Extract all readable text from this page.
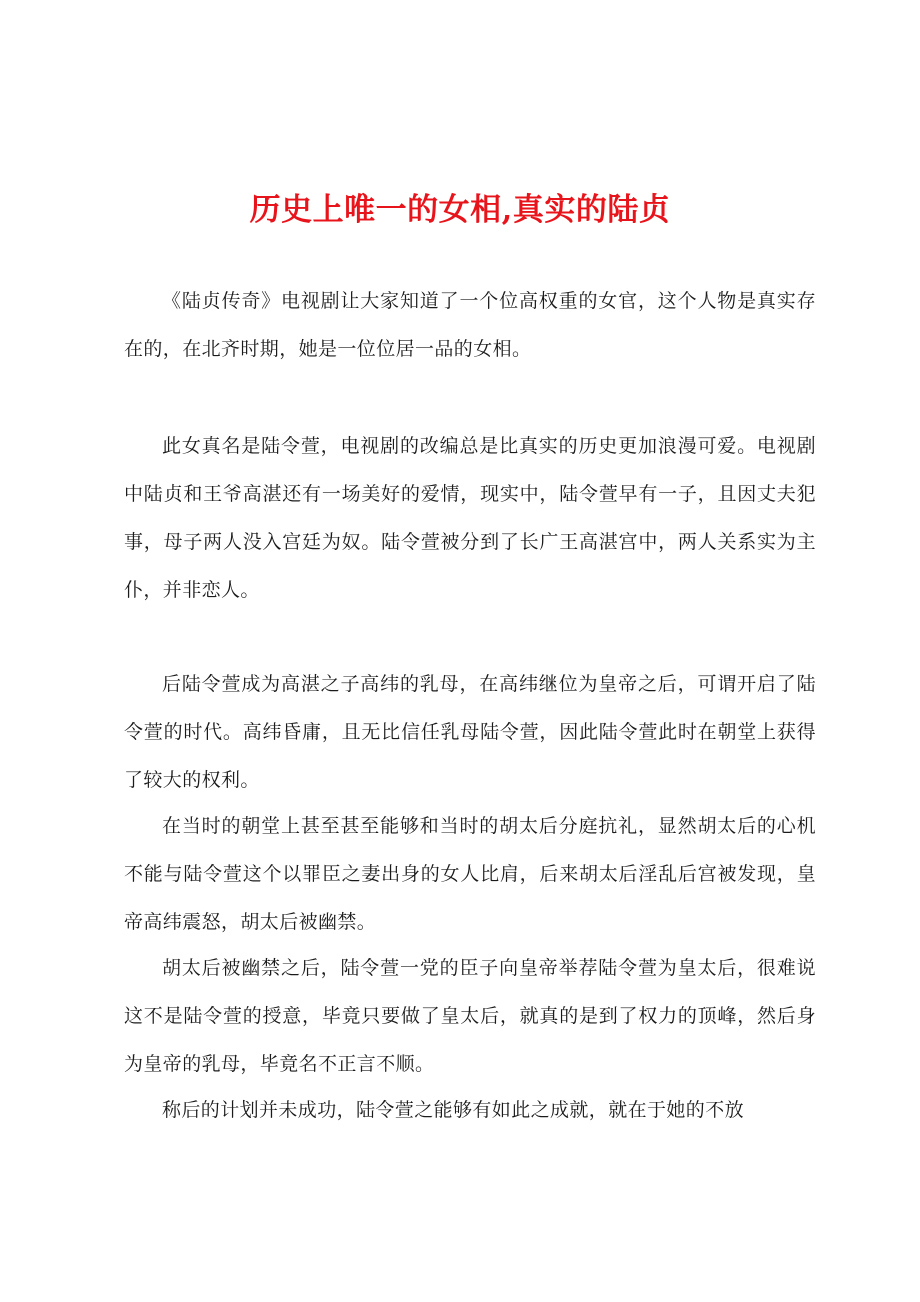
历史上唯一的女相,真实的陆贞

《陆贞传奇》电视剧让大家知道了一个位高权重的女官，这个人物是真实存在的，在北齐时期，她是一位位居一品的女相。

此女真名是陆令萱，电视剧的改编总是比真实的历史更加浪漫可爱。电视剧中陆贞和王爷高湛还有一场美好的爱情，现实中，陆令萱早有一子，且因丈夫犯事，母子两人没入宫廷为奴。陆令萱被分到了长广王高湛宫中，两人关系实为主仆，并非恋人。

后陆令萱成为高湛之子高纬的乳母，在高纬继位为皇帝之后，可谓开启了陆令萱的时代。高纬昏庸，且无比信任乳母陆令萱，因此陆令萱此时在朝堂上获得了较大的权利。

在当时的朝堂上甚至甚至能够和当时的胡太后分庭抗礼，显然胡太后的心机不能与陆令萱这个以罪臣之妻出身的女人比肩，后来胡太后淫乱后宫被发现，皇帝高纬震怒，胡太后被幽禁。

胡太后被幽禁之后，陆令萱一党的臣子向皇帝举荐陆令萱为皇太后，很难说这不是陆令萱的授意，毕竟只要做了皇太后，就真的是到了权力的顶峰，然后身为皇帝的乳母，毕竟名不正言不顺。

称后的计划并未成功，陆令萱之能够有如此之成就，就在于她的不放
